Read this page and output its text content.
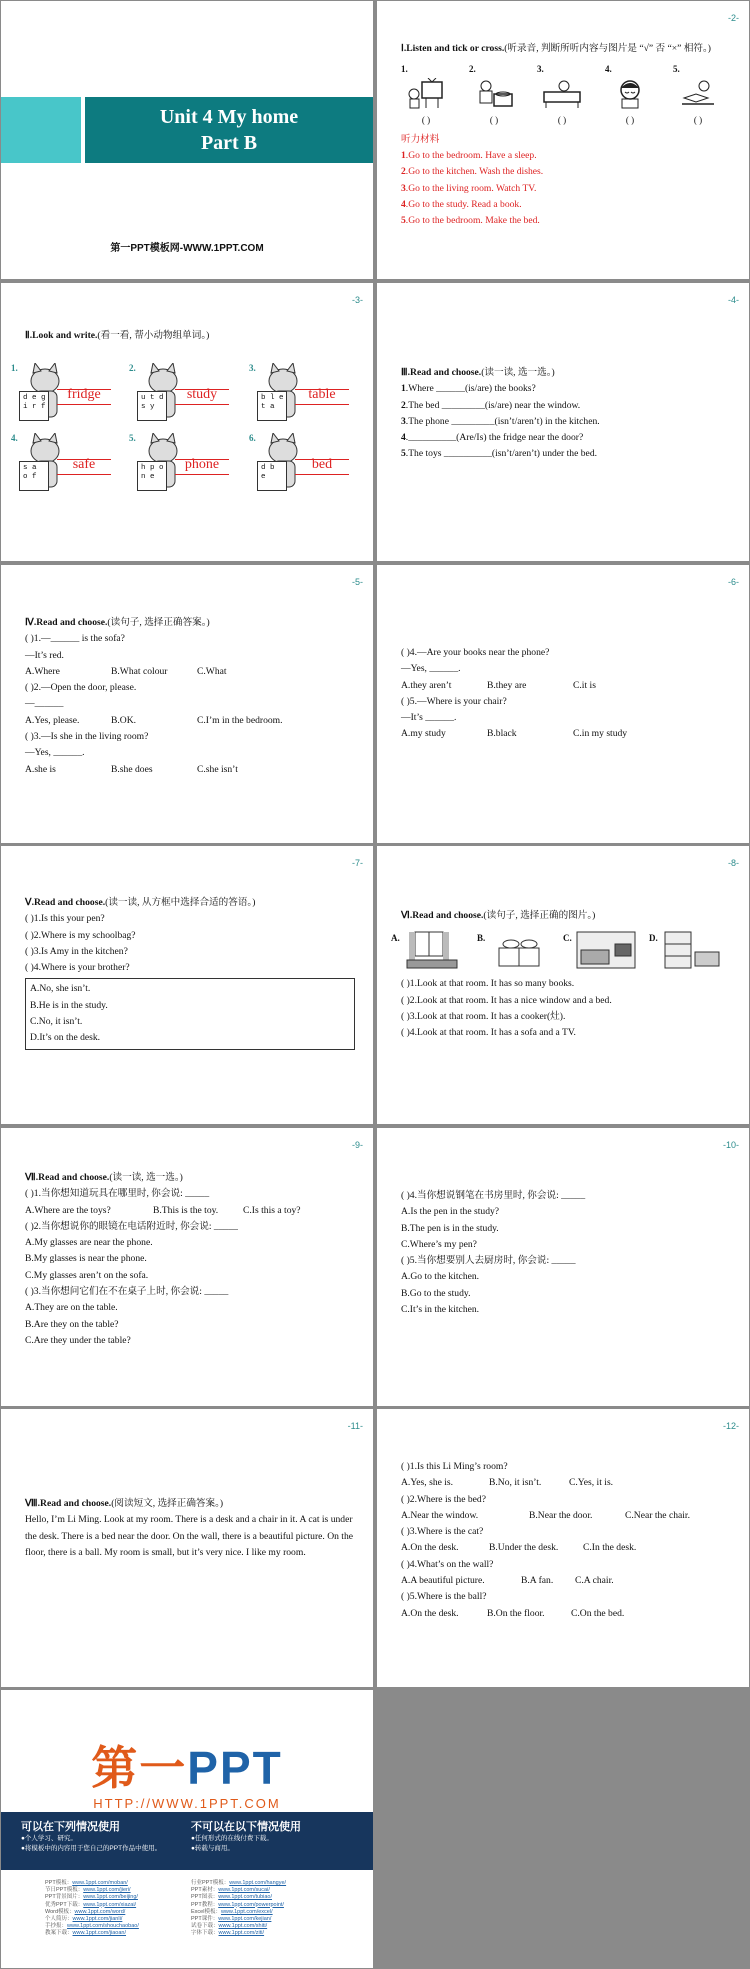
Unit 4 My home
Part B
第一PPT模板网-WWW.1PPT.COM
-2-
Ⅰ.Listen and tick or cross.(听录音, 判断所听内容与图片是 “√” 否 “×” 相符。)
1.
( )
2.
( )
3.
( )
4.
( )
5.
( )
听力材料
1.Go to the bedroom. Have a sleep.
2.Go to the kitchen. Wash the dishes.
3.Go to the living room. Watch TV.
4.Go to the study. Read a book.
5.Go to the bedroom. Make the bed.
-3-
Ⅱ.Look and write.(看一看, 帮小动物组单词。)
1.
d e g
i r f
fridge
2.
u t d
s y
study
3.
b l e
t a
table
4.
s a
o f
safe
5.
h p o
n e
phone
6.
d b
e
bed
-4-
Ⅲ.Read and choose.(读一读, 选一选。)
1.Where ______(is/are) the books?
2.The bed _________(is/are) near the window.
3.The phone _________(isn’t/aren’t) in the kitchen.
4.__________(Are/Is) the fridge near the door?
5.The toys __________(isn’t/aren’t) under the bed.
-5-
Ⅳ.Read and choose.(读句子, 选择正确答案。)
( )1.—______ is the sofa?
—It’s red.
A.Where	B.What colour	C.What
( )2.—Open the door, please.
—______
A.Yes, please.	B.OK.	C.I’m in the bedroom.
( )3.—Is she in the living room?
—Yes, ______.
A.she is	B.she does	C.she isn’t
-6-
( )4.—Are your books near the phone?
—Yes, ______.
A.they aren’t	B.they are	C.it is
( )5.—Where is your chair?
—It’s ______.
A.my study	B.black	C.in my study
-7-
Ⅴ.Read and choose.(读一读, 从方框中选择合适的答语。)
( )1.Is this your pen?
( )2.Where is my schoolbag?
( )3.Is Amy in the kitchen?
( )4.Where is your brother?
A.No, she isn’t.
B.He is in the study.
C.No, it isn’t.
D.It’s on the desk.
-8-
Ⅵ.Read and choose.(读句子, 选择正确的图片。)
A.	B.	C.	D.
( )1.Look at that room. It has so many books.
( )2.Look at that room. It has a nice window and a bed.
( )3.Look at that room. It has a cooker(灶).
( )4.Look at that room. It has a sofa and a TV.
-9-
Ⅶ.Read and choose.(读一读, 选一选。)
( )1.当你想知道玩具在哪里时, 你会说: _____
A.Where are the toys?	B.This is the toy.	C.Is this a toy?
( )2.当你想说你的眼镜在电话附近时, 你会说: _____
A.My glasses are near the phone.
B.My glasses is near the phone.
C.My glasses aren’t on the sofa.
( )3.当你想问它们在不在桌子上时, 你会说: _____
A.They are on the table.
B.Are they on the table?
C.Are they under the table?
-10-
( )4.当你想说钢笔在书房里时, 你会说: _____
A.Is the pen in the study?
B.The pen is in the study.
C.Where’s my pen?
( )5.当你想要别人去厨房时, 你会说: _____
A.Go to the kitchen.
B.Go to the study.
C.It’s in the kitchen.
-11-
Ⅷ.Read and choose.(阅读短文, 选择正确答案。)
Hello, I’m Li Ming. Look at my room. There is a desk and a chair in it. A cat is under the desk. There is a bed near the door. On the wall, there is a beautiful picture. On the floor, there is a ball. My room is small, but it’s very nice. I like my room.
-12-
( )1.Is this Li Ming’s room?
A.Yes, she is.	B.No, it isn’t.	C.Yes, it is.
( )2.Where is the bed?
A.Near the window.	B.Near the door.	C.Near the chair.
( )3.Where is the cat?
A.On the desk.	B.Under the desk.	C.In the desk.
( )4.What’s on the wall?
A.A beautiful picture.	B.A fan.	C.A chair.
( )5.Where is the ball?
A.On the desk.	B.On the floor.	C.On the bed.
第一PPT
HTTP://WWW.1PPT.COM
可以在下列情况使用
●个人学习、研究。
●将模板中的内容用于您自己的PPT作品中使用。
不可以在以下情况使用
●任何形式的在线付费下载。
●转载与商用。
PPT模板：www.1ppt.com/moban/
节日PPT模板：www.1ppt.com/jieri/
PPT背景图片：www.1ppt.com/beijing/
优秀PPT下载：www.1ppt.com/xiazai/
Word模板：www.1ppt.com/word/
个人简历：www.1ppt.com/jianli/
手抄报：www.1ppt.com/shouchaobao/
教案下载：www.1ppt.com/jiaoan/
行业PPT模板：www.1ppt.com/hangye/
PPT素材：www.1ppt.com/sucai/
PPT图表：www.1ppt.com/tubiao/
PPT教程：www.1ppt.com/powerpoint/
Excel模板：www.1ppt.com/excel/
PPT课件：www.1ppt.com/kejian/
试卷下载：www.1ppt.com/shiti/
字体下载：www.1ppt.com/ziti/
